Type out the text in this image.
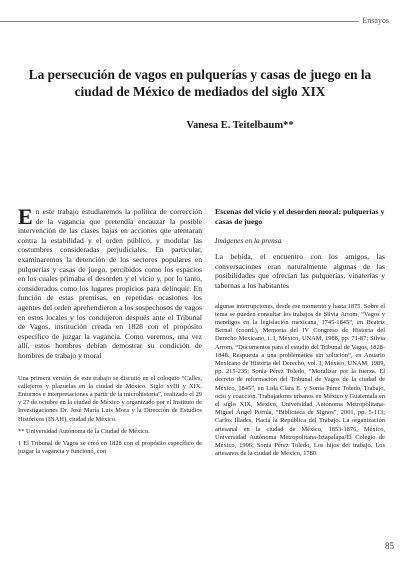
Ensayos
La persecución de vagos en pulquerías y casas de juego en la ciudad de México de mediados del siglo XIX
Vanesa E. Teitelbaum**

En este trabajo estudiaremos la política de corrección de la vagancia que pretendía encauzar la posible intervención de las clases bajas en acciones que atentaran contra la estabilidad y el orden público, y modular las costumbres consideradas perjudiciales. En particular, examinaremos la detención de los sectores populares en pulquerías y casas de juego, percibidos como los espacios en los cuales primaba el desorden y el vicio y, por lo tanto, considerados como los lugares propicios para delinquir. En función de estas premisas, en repetidas ocasiones los agentes del orden aprehendieron a los sospechosos de vagos en estos locales y los condujeron después ante el Tribunal de Vagos, institución creada en 1828 con el propósito específico de juzgar la vagancia. Como veremos, una vez allí, estos hombres debían demostrar su condición de hombres de trabajo y moral

Una primera versión de este trabajo se discutió en el coloquio “Calles, callejeros y plazuelas en la ciudad de México. Siglo xvIII y XIX. Entornos e interpretaciones a partir de la microhistoria”, realizado el 29 y 27 de octubre en la ciudad de México y organizado por el Instituto de Investigaciones Dr. José María Luis Mora y la Dirección de Estudios Históricos (INAH), ciudad de México.

** Universidad Autónoma de la Ciudad de México.

1 El Tribunal de Vagos se creó en 1828 con el propósito específico de juzgar la vagancia y funcionó, con

Escenas del vicio y el desorden moral: pulquerías y casas de juego
Imágenes en la prensa

La bebida, el encuentro con los amigos, las conversaciones eran naturalmente algunas de las posibilidades que ofrecían las pulquerías, vinaterías y tabernas a los habitantes

algunas interrupciones, desde ese momento y hasta 1875. Sobre el tema se pueden consultar los trabajos de Silvia Arrom, “Vagos y mendigos en la legislación mexicana, 1745-1845”, en Beatriz Bernal (coord.), Memoria del IV Congreso de Historia del Derecho Mexicano, t. I, México, UNAM, 1988, pp. 71-87; Silvia Arrom, “Documentos para el estudio del Tribunal de Vagos, 1828-1848. Respuesta a una problemática sin solución”, en Anuario Mexicano de Historia del Derecho, vol. I, México, UNAM, 1989, pp. 215-235; Sonia Pérez Toledo, “Moralizar por la fuerza. El decreto de reformación del Tribunal de Vagos de la ciudad de México, 1845”, en Lida Clara E. y Sonia Pérez Toledo, Trabajo, ocio y coacción. Trabajadores urbanos en México y Guatemala en el siglo XIX, México, Universidad Autónoma Metropolitana-Miguel Ángel Porrúa, “Biblioteca de Signos”, 2001, pp. 5-113; Carlos Illades, Hacia la República del Trabajo. La organización artesanal en la ciudad de México, 1853-1876, México, Universidad Autónoma Metropolitana-Iztapalapa/El Colegio de México, 1996; Sonia Pérez Toledo, Los hijos del trabajo. Los artesanos de la ciudad de México, 1780

85
